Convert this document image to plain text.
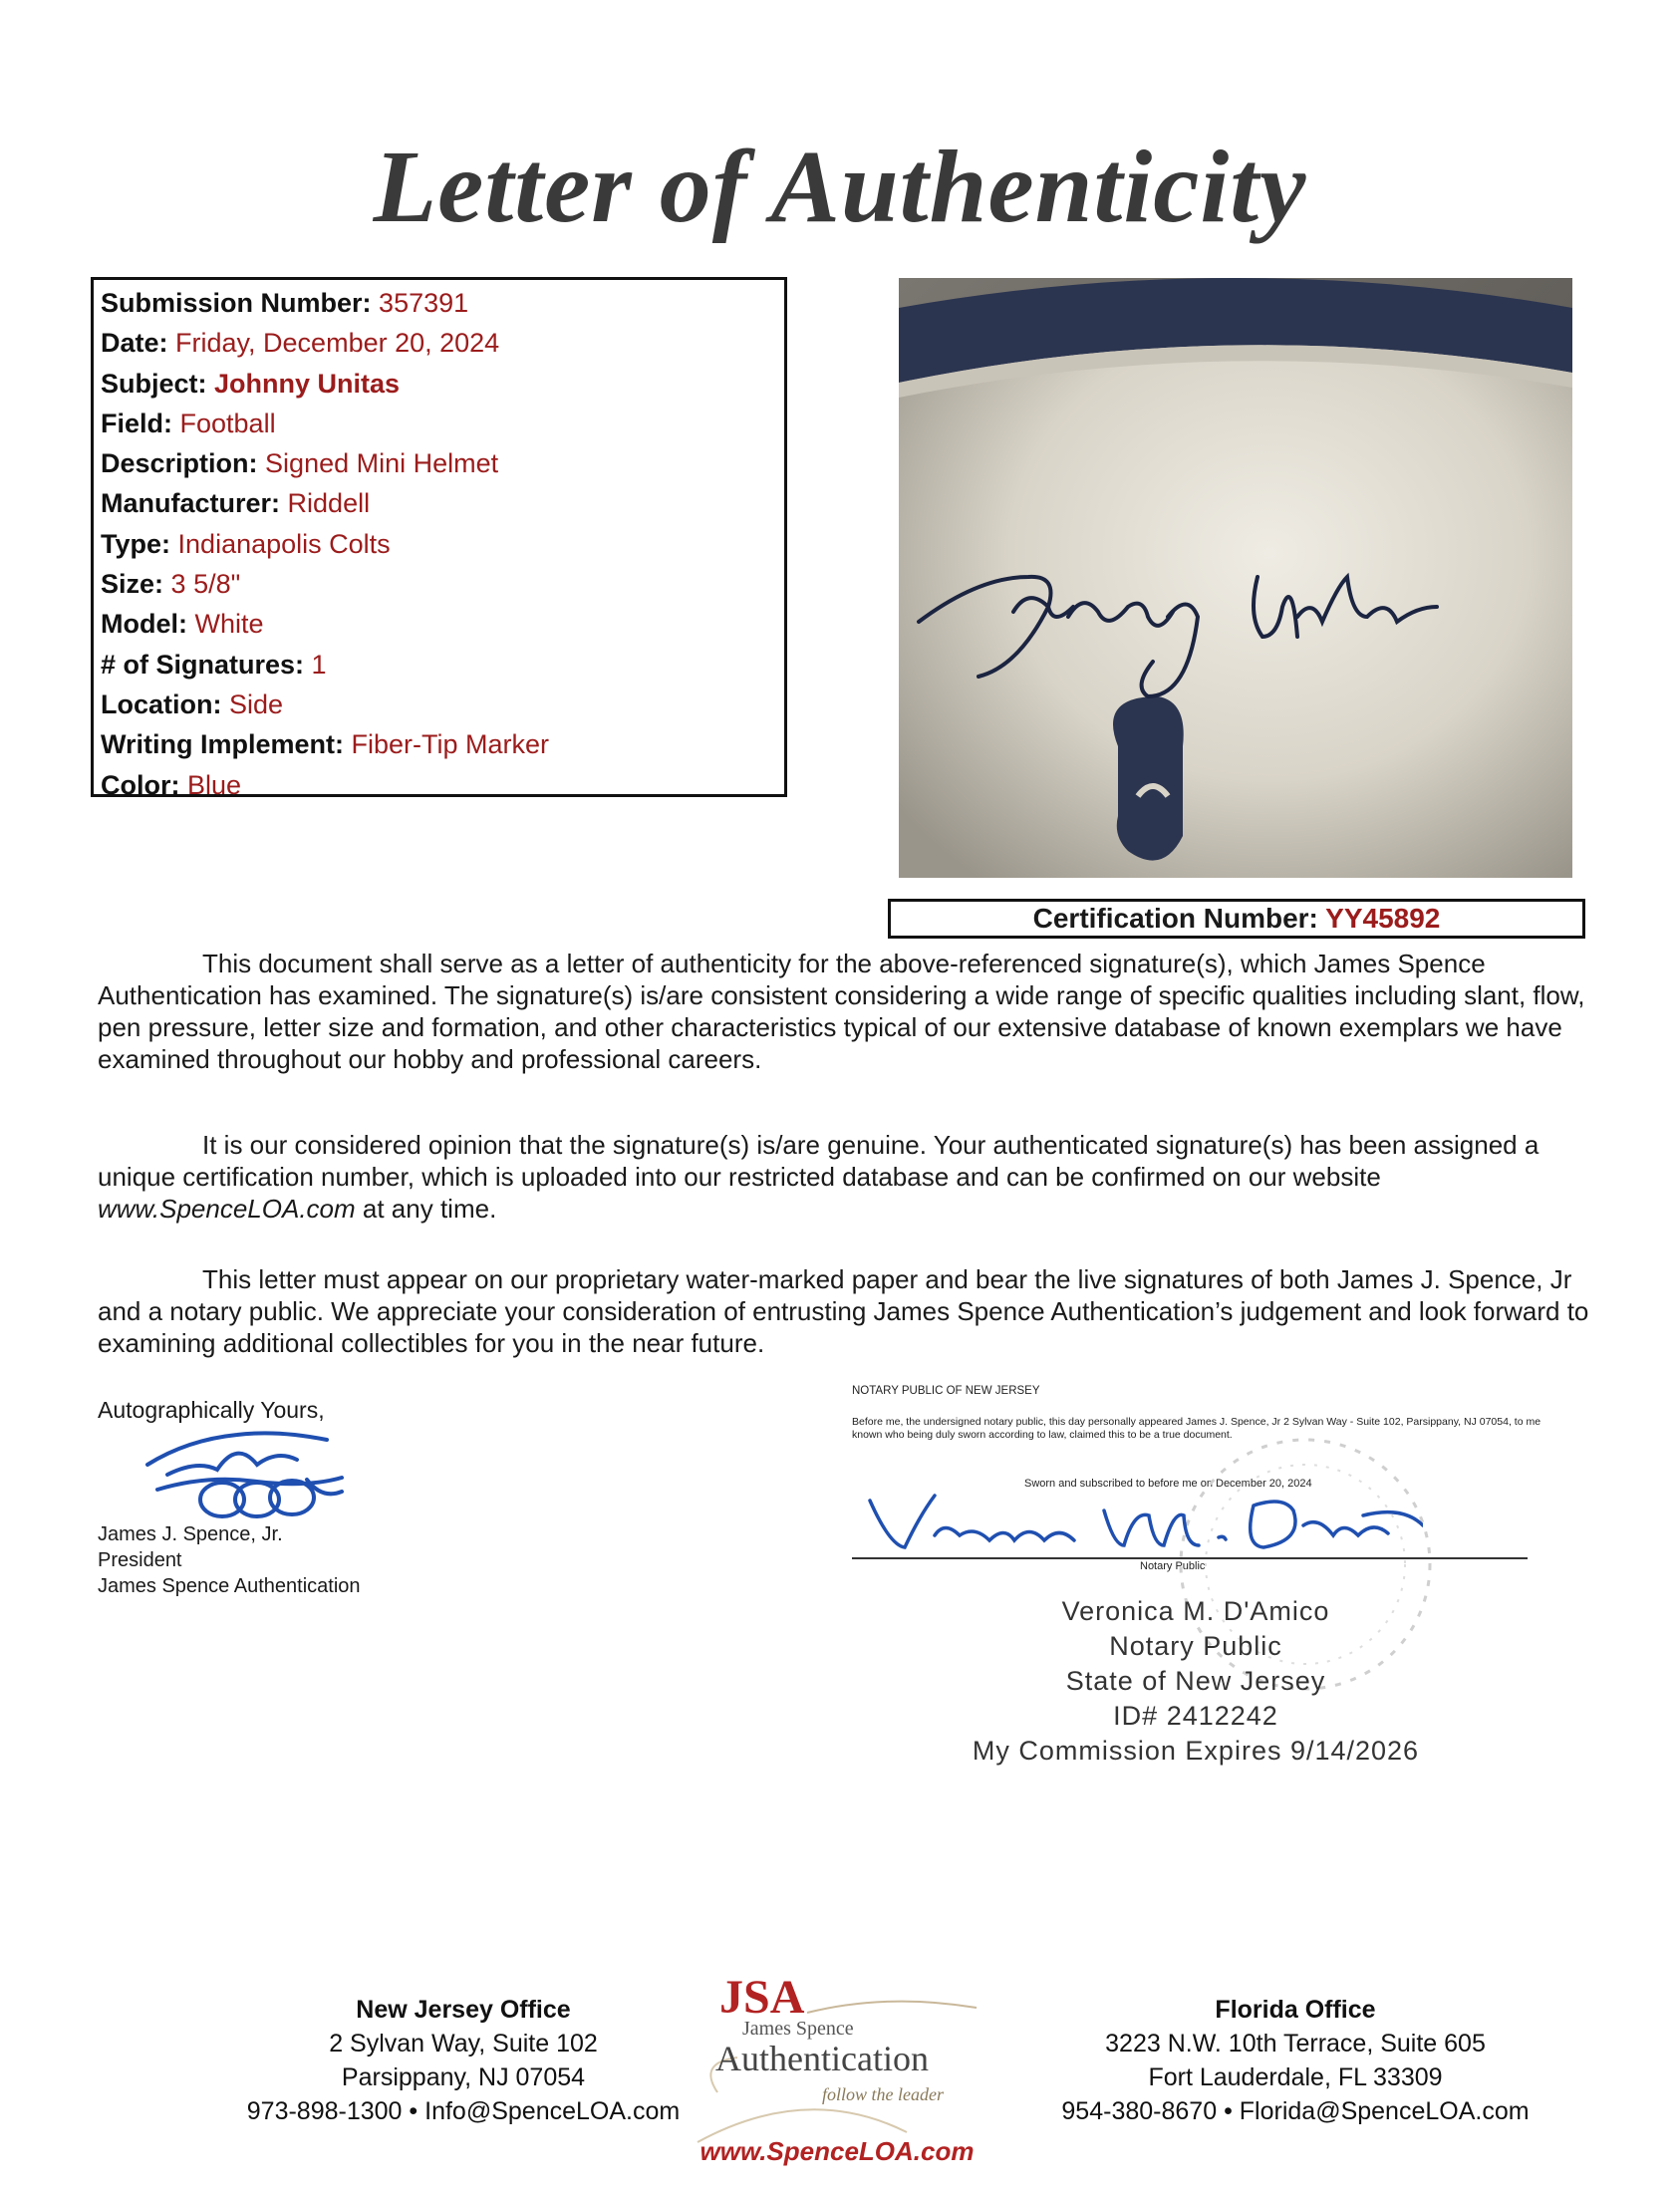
Letter of Authenticity
Submission Number: 357391
Date: Friday, December 20, 2024
Subject: Johnny Unitas
Field: Football
Description: Signed Mini Helmet
Manufacturer: Riddell
Type: Indianapolis Colts
Size: 3 5/8"
Model: White
# of Signatures: 1
Location: Side
Writing Implement: Fiber-Tip Marker
Color: Blue
Certification Number: YY45892
This document shall serve as a letter of authenticity for the above-referenced signature(s), which James Spence Authentication has examined. The signature(s) is/are consistent considering a wide range of specific qualities including slant, flow, pen pressure, letter size and formation, and other characteristics typical of our extensive database of known exemplars we have examined throughout our hobby and professional careers.
It is our considered opinion that the signature(s) is/are genuine. Your authenticated signature(s) has been assigned a unique certification number, which is uploaded into our restricted database and can be confirmed on our website www.SpenceLOA.com at any time.
This letter must appear on our proprietary water-marked paper and bear the live signatures of both James J. Spence, Jr and a notary public. We appreciate your consideration of entrusting James Spence Authentication’s judgement and look forward to examining additional collectibles for you in the near future.
Autographically Yours,
James J. Spence, Jr.
President
James Spence Authentication
NOTARY PUBLIC OF NEW JERSEY
Before me, the undersigned notary public, this day personally appeared James J. Spence, Jr 2 Sylvan Way - Suite 102, Parsippany, NJ 07054, to me known who being duly sworn according to law, claimed this to be a true document.
Sworn and subscribed to before me on December 20, 2024
Notary Public
Veronica M. D'Amico
Notary Public
State of New Jersey
ID# 2412242
My Commission Expires 9/14/2026
New Jersey Office
2 Sylvan Way, Suite 102
Parsippany, NJ 07054
973-898-1300 • Info@SpenceLOA.com
JSA
James Spence
Authentication
follow the leader
www.SpenceLOA.com
Florida Office
3223 N.W. 10th Terrace, Suite 605
Fort Lauderdale, FL 33309
954-380-8670 • Florida@SpenceLOA.com
